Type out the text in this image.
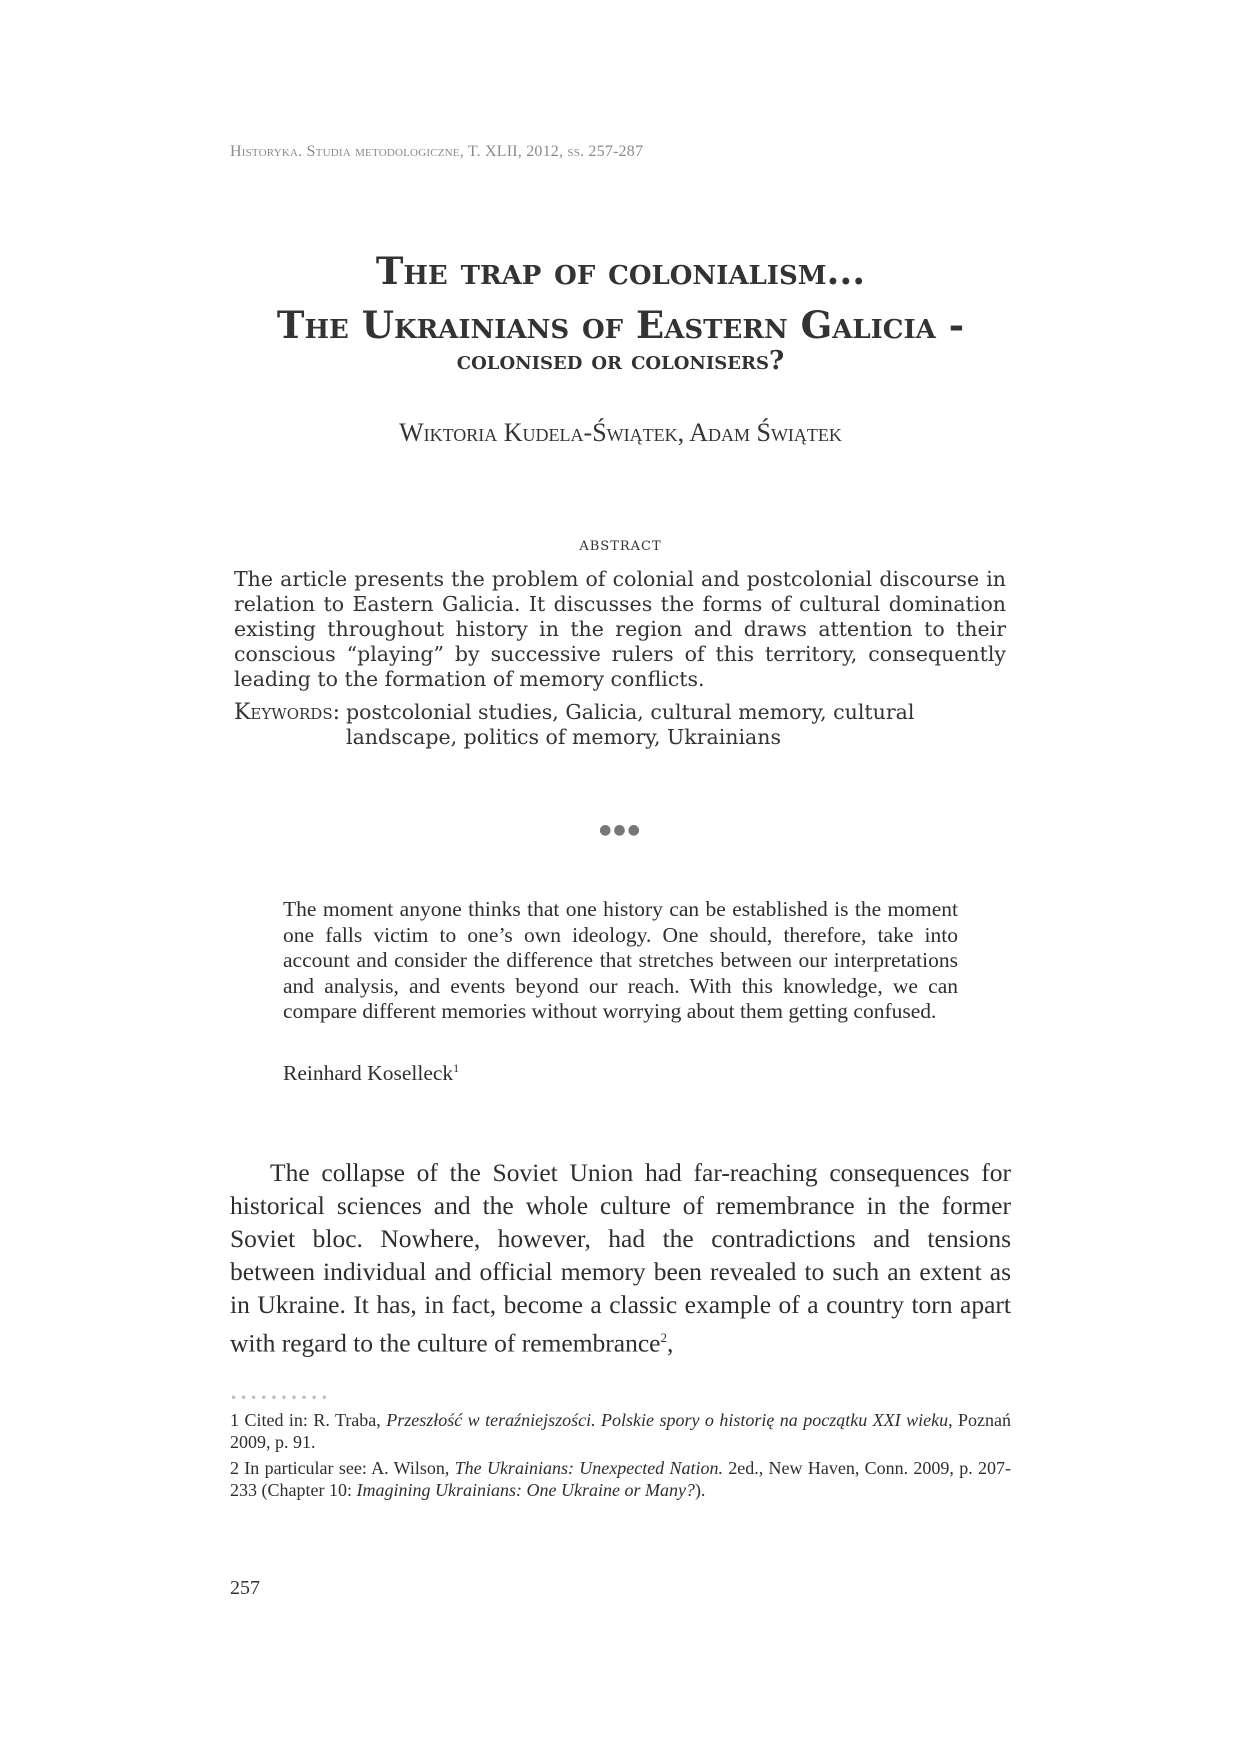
Historyka. Studia metodologiczne, T. XLII, 2012, ss. 257-287
The trap of colonialism...
The Ukrainians of Eastern Galicia -
colonised or colonisers?
Wiktoria Kudela-Świątek, Adam Świątek
abstract
The article presents the problem of colonial and postcolonial discourse in relation to Eastern Galicia. It discusses the forms of cultural domination existing throughout history in the region and draws attention to their conscious “playing” by successive rulers of this territory, consequently leading to the formation of memory conflicts.
Keywords: postcolonial studies, Galicia, cultural memory, cultural landscape, politics of memory, Ukrainians
●●●
The moment anyone thinks that one history can be established is the moment one falls victim to one’s own ideology. One should, therefore, take into account and consider the difference that stretches between our interpretations and analysis, and events beyond our reach. With this knowledge, we can compare different memories without worrying about them getting confused.
Reinhard Koselleck$^1$
The collapse of the Soviet Union had far-reaching consequences for historical sciences and the whole culture of remembrance in the former Soviet bloc. Nowhere, however, had the contradictions and tensions between individual and official memory been revealed to such an extent as in Ukraine. It has, in fact, become a classic example of a country torn apart with regard to the culture of remembrance$^2$,
••••••••••
1 Cited in: R. Traba, Przeszłość w teraźniejszości. Polskie spory o historię na początku XXI wieku, Poznań 2009, p. 91.
2 In particular see: A. Wilson, The Ukrainians: Unexpected Nation. 2ed., New Haven, Conn. 2009, p. 207-233 (Chapter 10: Imagining Ukrainians: One Ukraine or Many?).
257
